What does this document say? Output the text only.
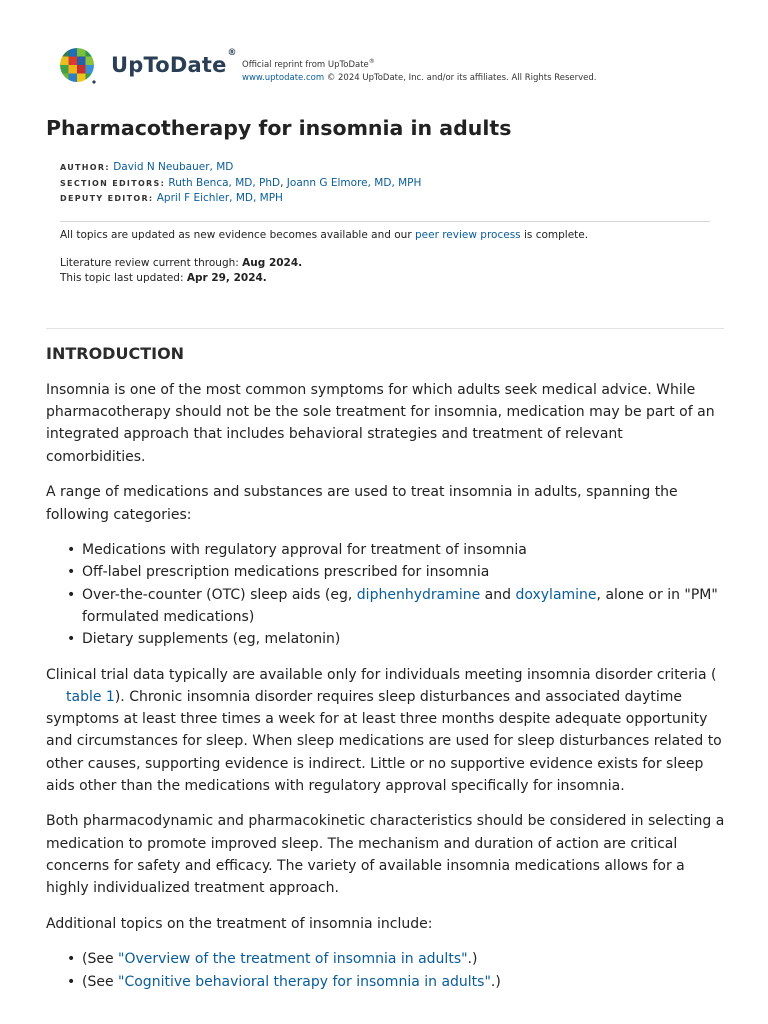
UpToDate®
Official reprint from UpToDate®
www.uptodate.com © 2024 UpToDate, Inc. and/or its affiliates. All Rights Reserved.
Pharmacotherapy for insomnia in adults
AUTHOR: David N Neubauer, MD
SECTION EDITORS: Ruth Benca, MD, PhD, Joann G Elmore, MD, MPH
DEPUTY EDITOR: April F Eichler, MD, MPH

All topics are updated as new evidence becomes available and our peer review process is complete.

Literature review current through: Aug 2024.

This topic last updated: Apr 29, 2024.

INTRODUCTION

Insomnia is one of the most common symptoms for which adults seek medical advice. While pharmacotherapy should not be the sole treatment for insomnia, medication may be part of an integrated approach that includes behavioral strategies and treatment of relevant comorbidities.

A range of medications and substances are used to treat insomnia in adults, spanning the following categories:

• Medications with regulatory approval for treatment of insomnia
• Off-label prescription medications prescribed for insomnia
• Over-the-counter (OTC) sleep aids (eg, diphenhydramine and doxylamine, alone or in "PM" formulated medications)
• Dietary supplements (eg, melatonin)

Clinical trial data typically are available only for individuals meeting insomnia disorder criteria (table 1). Chronic insomnia disorder requires sleep disturbances and associated daytime symptoms at least three times a week for at least three months despite adequate opportunity and circumstances for sleep. When sleep medications are used for sleep disturbances related to other causes, supporting evidence is indirect. Little or no supportive evidence exists for sleep aids other than the medications with regulatory approval specifically for insomnia.

Both pharmacodynamic and pharmacokinetic characteristics should be considered in selecting a medication to promote improved sleep. The mechanism and duration of action are critical concerns for safety and efficacy. The variety of available insomnia medications allows for a highly individualized treatment approach.

Additional topics on the treatment of insomnia include:

• (See "Overview of the treatment of insomnia in adults".)
• (See "Cognitive behavioral therapy for insomnia in adults".)
